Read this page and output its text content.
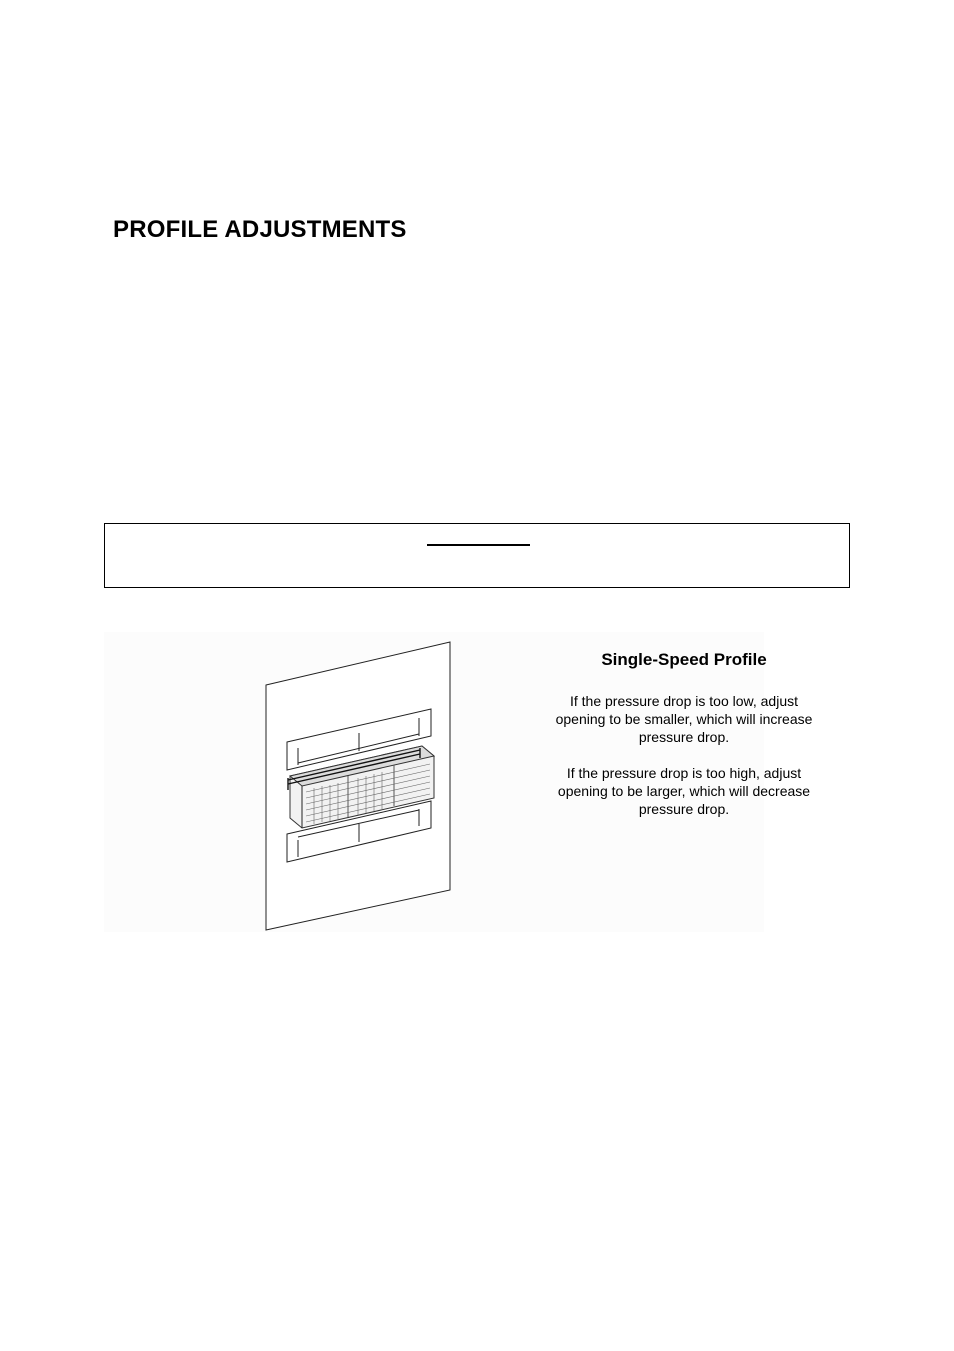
PROFILE ADJUSTMENTS

Single-Speed Profile

If the pressure drop is too low, adjust
opening to be smaller, which will increase
pressure drop.

If the pressure drop is too high, adjust
opening to be larger, which will decrease
pressure drop.
